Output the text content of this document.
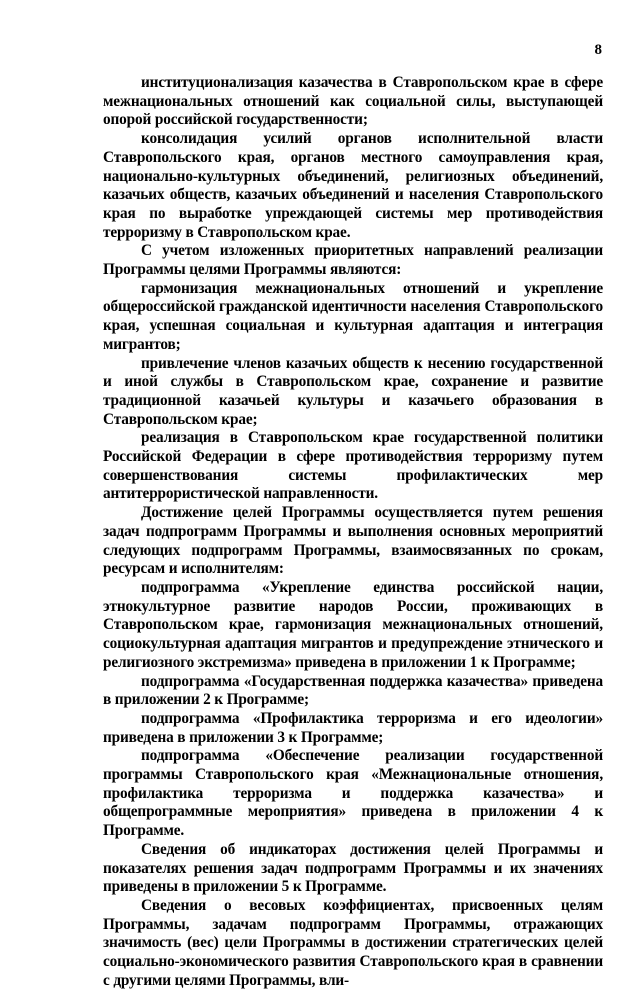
8

институционализация казачества в Ставропольском крае в сфере межнациональных отношений как социальной силы, выступающей опорой российской государственности;

консолидация усилий органов исполнительной власти Ставропольского края, органов местного самоуправления края, национально-культурных объединений, религиозных объединений, казачьих обществ, казачьих объединений и населения Ставропольского края по выработке упреждающей системы мер противодействия терроризму в Ставропольском крае.

С учетом изложенных приоритетных направлений реализации Программы целями Программы являются:

гармонизация межнациональных отношений и укрепление общероссийской гражданской идентичности населения Ставропольского края, успешная социальная и культурная адаптация и интеграция мигрантов;

привлечение членов казачьих обществ к несению государственной и иной службы в Ставропольском крае, сохранение и развитие традиционной казачьей культуры и казачьего образования в Ставропольском крае;

реализация в Ставропольском крае государственной политики Российской Федерации в сфере противодействия терроризму путем совершенствования системы профилактических мер антитеррористической направленности.

Достижение целей Программы осуществляется путем решения задач подпрограмм Программы и выполнения основных мероприятий следующих подпрограмм Программы, взаимосвязанных по срокам, ресурсам и исполнителям:

подпрограмма «Укрепление единства российской нации, этнокультурное развитие народов России, проживающих в Ставропольском крае, гармонизация межнациональных отношений, социокультурная адаптация мигрантов и предупреждение этнического и религиозного экстремизма» приведена в приложении 1 к Программе;

подпрограмма «Государственная поддержка казачества» приведена в приложении 2 к Программе;

подпрограмма «Профилактика терроризма и его идеологии» приведена в приложении 3 к Программе;

подпрограмма «Обеспечение реализации государственной программы Ставропольского края «Межнациональные отношения, профилактика терроризма и поддержка казачества» и общепрограммные мероприятия» приведена в приложении 4 к Программе.

Сведения об индикаторах достижения целей Программы и показателях решения задач подпрограмм Программы и их значениях приведены в приложении 5 к Программе.

Сведения о весовых коэффициентах, присвоенных целям Программы, задачам подпрограмм Программы, отражающих значимость (вес) цели Программы в достижении стратегических целей социально-экономического развития Ставропольского края в сравнении с другими целями Программы, вли-
